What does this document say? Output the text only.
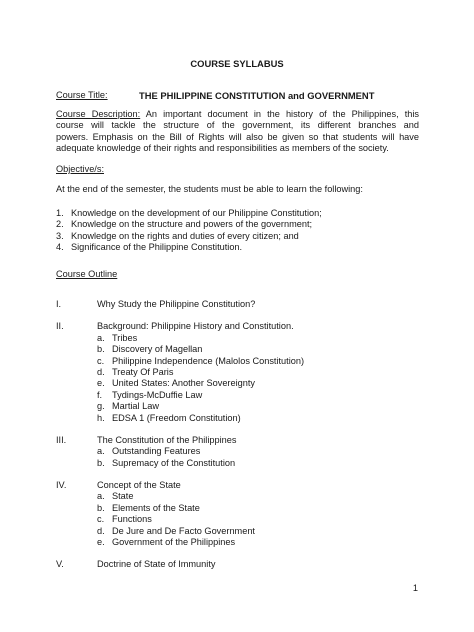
COURSE SYLLABUS
Course Title:	THE PHILIPPINE CONSTITUTION and GOVERNMENT
Course Description: An important document in the history of the Philippines, this
course will tackle the structure of the government, its different branches and
powers. Emphasis on the Bill of Rights will also be given so that students will have
adequate knowledge of their rights and responsibilities as members of the society.
Objective/s:
At the end of the semester, the students must be able to learn the following:
1. Knowledge on the development of our Philippine Constitution;
2. Knowledge on the structure and powers of the government;
3. Knowledge on the rights and duties of every citizen; and
4. Significance of the Philippine Constitution.
Course Outline
I.	Why Study the Philippine Constitution?
II.	Background: Philippine History and Constitution.
a. Tribes
b. Discovery of Magellan
c. Philippine Independence (Malolos Constitution)
d. Treaty Of Paris
e. United States: Another Sovereignty
f. Tydings-McDuffie Law
g. Martial Law
h. EDSA 1 (Freedom Constitution)
III.	The Constitution of the Philippines
a. Outstanding Features
b. Supremacy of the Constitution
IV.	Concept of the State
a. State
b. Elements of the State
c. Functions
d. De Jure and De Facto Government
e. Government of the Philippines
V.	Doctrine of State of Immunity
1
